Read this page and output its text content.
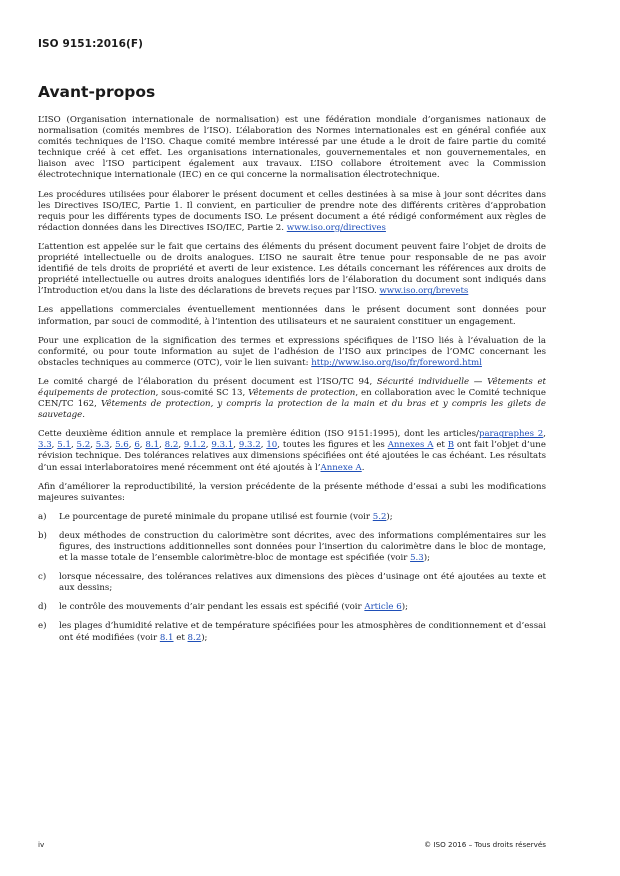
ISO 9151:2016(F)
Avant-propos

L’ISO (Organisation internationale de normalisation) est une fédération mondiale d’organismes nationaux de normalisation (comités membres de l’ISO). L’élaboration des Normes internationales est en général confiée aux comités techniques de l’ISO. Chaque comité membre intéressé par une étude a le droit de faire partie du comité technique créé à cet effet. Les organisations internationales, gouvernementales et non gouvernementales, en liaison avec l’ISO participent également aux travaux. L’ISO collabore étroitement avec la Commission électrotechnique internationale (IEC) en ce qui concerne la normalisation électrotechnique.

Les procédures utilisées pour élaborer le présent document et celles destinées à sa mise à jour sont décrites dans les Directives ISO/IEC, Partie 1. Il convient, en particulier de prendre note des différents critères d’approbation requis pour les différents types de documents ISO. Le présent document a été rédigé conformément aux règles de rédaction données dans les Directives ISO/IEC, Partie 2. www.iso.org/directives

L’attention est appelée sur le fait que certains des éléments du présent document peuvent faire l’objet de droits de propriété intellectuelle ou de droits analogues. L’ISO ne saurait être tenue pour responsable de ne pas avoir identifié de tels droits de propriété et averti de leur existence. Les détails concernant les références aux droits de propriété intellectuelle ou autres droits analogues identifiés lors de l’élaboration du document sont indiqués dans l’Introduction et/ou dans la liste des déclarations de brevets reçues par l’ISO. www.iso.org/brevets

Les appellations commerciales éventuellement mentionnées dans le présent document sont données pour information, par souci de commodité, à l’intention des utilisateurs et ne sauraient constituer un engagement.

Pour une explication de la signification des termes et expressions spécifiques de l’ISO liés à l’évaluation de la conformité, ou pour toute information au sujet de l’adhésion de l’ISO aux principes de l’OMC concernant les obstacles techniques au commerce (OTC), voir le lien suivant: http://www.iso.org/iso/fr/foreword.html

Le comité chargé de l’élaboration du présent document est l’ISO/TC 94, Sécurité individuelle — Vêtements et équipements de protection, sous-comité SC 13, Vêtements de protection, en collaboration avec le Comité technique CEN/TC 162, Vêtements de protection, y compris la protection de la main et du bras et y compris les gilets de sauvetage.

Cette deuxième édition annule et remplace la première édition (ISO 9151:1995), dont les articles/paragraphes 2, 3.3, 5.1, 5.2, 5.3, 5.6, 6, 8.1, 8.2, 9.1.2, 9.3.1, 9.3.2, 10, toutes les figures et les Annexes A et B ont fait l’objet d’une révision technique. Des tolérances relatives aux dimensions spécifiées ont été ajoutées le cas échéant. Les résultats d’un essai interlaboratoires mené récemment ont été ajoutés à l’Annexe A.

Afin d’améliorer la reproductibilité, la version précédente de la présente méthode d’essai a subi les modifications majeures suivantes:

a)	Le pourcentage de pureté minimale du propane utilisé est fournie (voir 5.2);
b)	deux méthodes de construction du calorimètre sont décrites, avec des informations complémentaires sur les figures, des instructions additionnelles sont données pour l’insertion du calorimètre dans le bloc de montage, et la masse totale de l’ensemble calorimètre-bloc de montage est spécifiée (voir 5.3);
c)	lorsque nécessaire, des tolérances relatives aux dimensions des pièces d’usinage ont été ajoutées au texte et aux dessins;
d)	le contrôle des mouvements d’air pendant les essais est spécifié (voir Article 6);
e)	les plages d’humidité relative et de température spécifiées pour les atmosphères de conditionnement et d’essai ont été modifiées (voir 8.1 et 8.2);
iv	© ISO 2016 – Tous droits réservés
